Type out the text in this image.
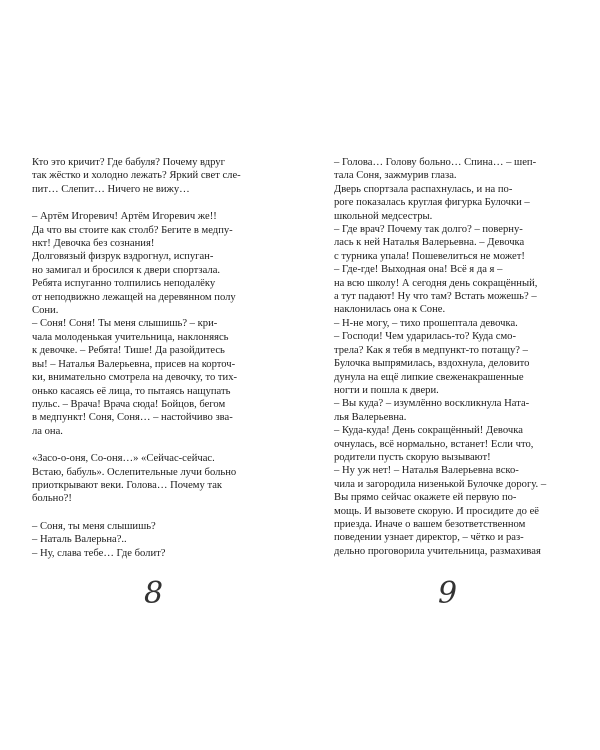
Кто это кричит? Где бабуля? Почему вдруг
так жёстко и холодно лежать? Яркий свет сле-
пит… Слепит… Ничего не вижу…

– Артём Игоревич! Артём Игоревич же!!
Да что вы стоите как столб? Бегите в медпу-
нкт! Девочка без сознания!

Долговязый физрук вздрогнул, испуган-
но замигал и бросился к двери спортзала.
Ребята испуганно толпились неподалёку
от неподвижно лежащей на деревянном полу
Сони.

– Соня! Соня! Ты меня слышишь? – кри-
чала молоденькая учительница, наклоняясь
к девочке. – Ребята! Тише! Да разойдитесь
вы! – Наталья Валерьевна, присев на корточ-
ки, внимательно смотрела на девочку, то тих-
онько касаясь её лица, то пытаясь нащупать
пульс. – Врача! Врача сюда! Бойцов, бегом
в медпункт! Соня, Соня… – настойчиво зва-
ла она.

«Засо-о-оня, Со-оня…» «Сейчас-сейчас.
Встаю, бабуль». Ослепительные лучи больно
приоткрывают веки. Голова… Почему так
больно?!

– Соня, ты меня слышишь?

– Наталь Валерьна?..

– Ну, слава тебе… Где болит?

– Голова… Голову больно… Спина… – шеп-
тала Соня, зажмурив глаза.

Дверь спортзала распахнулась, и на по-
роге показалась круглая фигурка Булочки –
школьной медсестры.

– Где врач? Почему так долго? – поверну-
лась к ней Наталья Валерьевна. – Девочка
с турника упала! Пошевелиться не может!

– Где-где! Выходная она! Всё я да я –
на всю школу! А сегодня день сокращённый,
а тут падают! Ну что там? Встать можешь? –
наклонилась она к Соне.

– Н-не могу, – тихо прошептала девочка.

– Господи! Чем ударилась-то? Куда смо-
трела? Как я тебя в медпункт-то потащу? –
Булочка выпрямилась, вздохнула, деловито
дунула на ещё липкие свеженакрашенные
ногти и пошла к двери.

– Вы куда? – изумлённо воскликнула Ната-
лья Валерьевна.

– Куда-куда! День сокращённый! Девочка
очнулась, всё нормально, встанет! Если что,
родители пусть скорую вызывают!

– Ну уж нет! – Наталья Валерьевна вско-
чила и загородила низенькой Булочке дорогу. –
Вы прямо сейчас окажете ей первую по-
мощь. И вызовете скорую. И просидите до её
приезда. Иначе о вашем безответственном
поведении узнает директор, – чётко и раз-
дельно проговорила учительница, размахивая

8	9
